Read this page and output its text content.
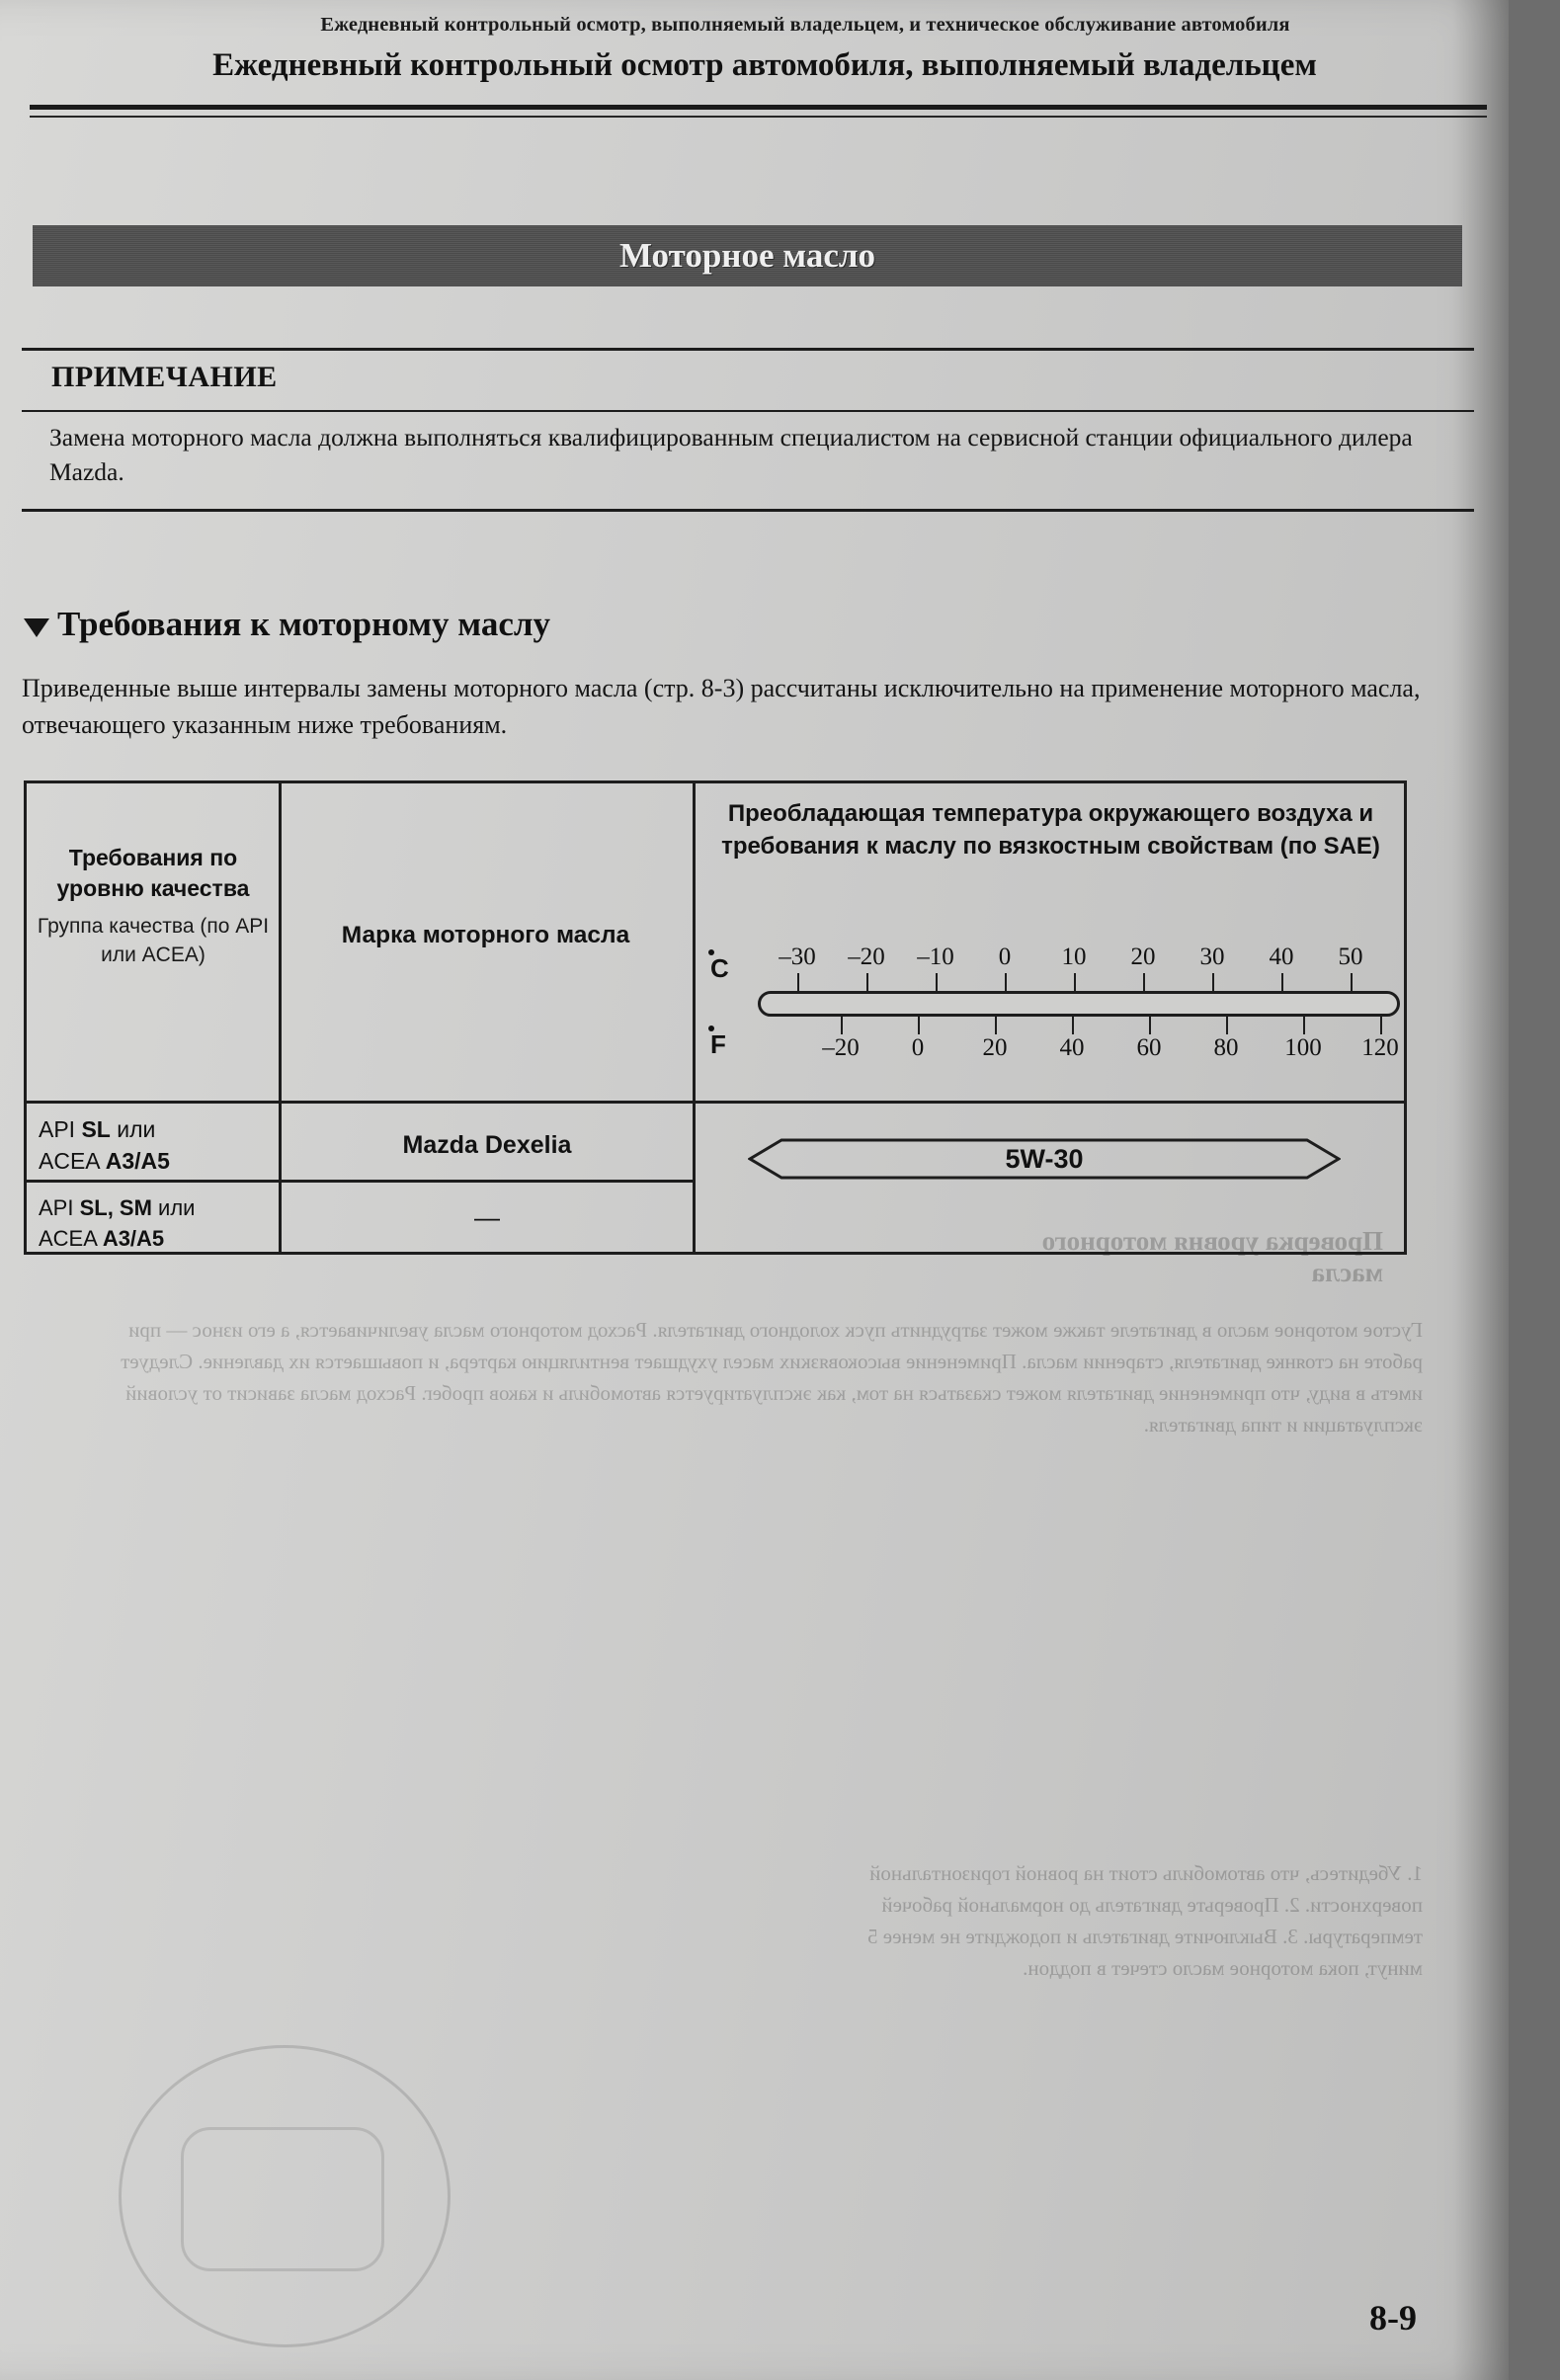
Густое моторное масло в двигателе также может затруднить пуск холодного двигателя. Расход моторного масла увеличивается, а его износ — при работе на стоянке двигателя, старении масла. Применение высоковязких масел ухудшает вентиляцию картера, и повышается их давление. Следует иметь в виду, что применение двигателя может сказаться на том, как эксплуатируется автомобиль и каков пробег. Расход масла зависит от условий эксплуатации и типа двигателя.
Проверка уровня моторного масла
1. Убедитесь, что автомобиль стоит на ровной горизонтальной поверхности. 2. Проверьте двигатель до нормальной рабочей температуры. 3. Выключите двигатель и подождите не менее 5 минут, пока моторное масло стечет в поддон.
Ежедневный контрольный осмотр, выполняемый владельцем, и техническое обслуживание автомобиля
Ежедневный контрольный осмотр автомобиля, выполняемый владельцем
Моторное масло
ПРИМЕЧАНИЕ
Замена моторного масла должна выполняться квалифицированным специалистом на сервисной станции официального дилера Mazda.
Требования к моторному маслу
Приведенные выше интервалы замены моторного масла (стр. 8-3) рассчитаны исключительно на применение моторного масла, отвечающего указанным ниже требованиям.
Требования по уровню качества
Группа качества (по API или ACEA)
Марка моторного масла
Преобладающая температура окружающего воздуха и требования к маслу по вязкостным свойствам (по SAE)
C
F
–30 –20 –10 0 10 20 30 40 50
–20 0 20 40 60 80 100 120
API SL или
ACEA A3/A5
API SL, SM или
ACEA A3/A5
Mazda Dexelia
—
5W-30
8-9
